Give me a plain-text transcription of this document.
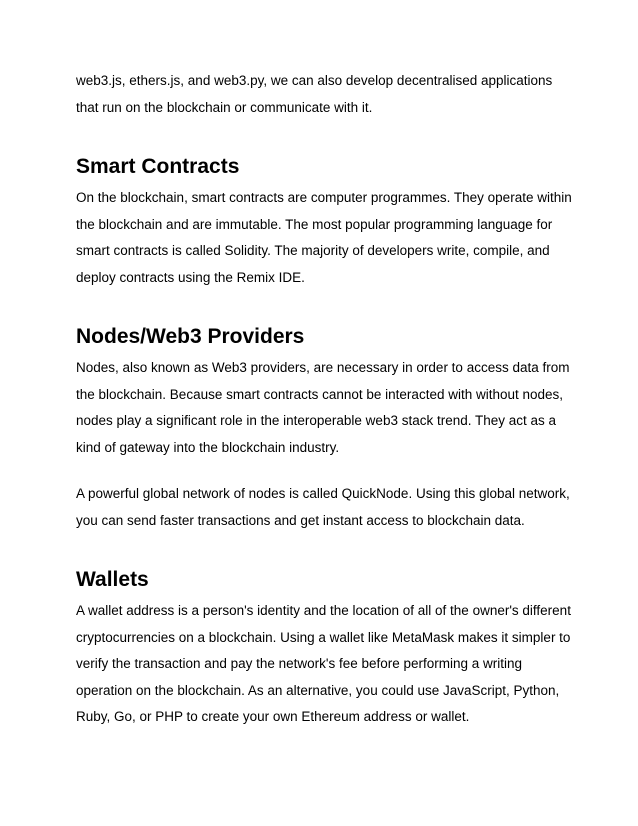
web3.js, ethers.js, and web3.py, we can also develop decentralised applications that run on the blockchain or communicate with it.

Smart Contracts

On the blockchain, smart contracts are computer programmes. They operate within the blockchain and are immutable. The most popular programming language for smart contracts is called Solidity. The majority of developers write, compile, and deploy contracts using the Remix IDE.

Nodes/Web3 Providers

Nodes, also known as Web3 providers, are necessary in order to access data from the blockchain. Because smart contracts cannot be interacted with without nodes, nodes play a significant role in the interoperable web3 stack trend. They act as a kind of gateway into the blockchain industry.

A powerful global network of nodes is called QuickNode. Using this global network, you can send faster transactions and get instant access to blockchain data.

Wallets

A wallet address is a person's identity and the location of all of the owner's different cryptocurrencies on a blockchain. Using a wallet like MetaMask makes it simpler to verify the transaction and pay the network's fee before performing a writing operation on the blockchain. As an alternative, you could use JavaScript, Python, Ruby, Go, or PHP to create your own Ethereum address or wallet.
